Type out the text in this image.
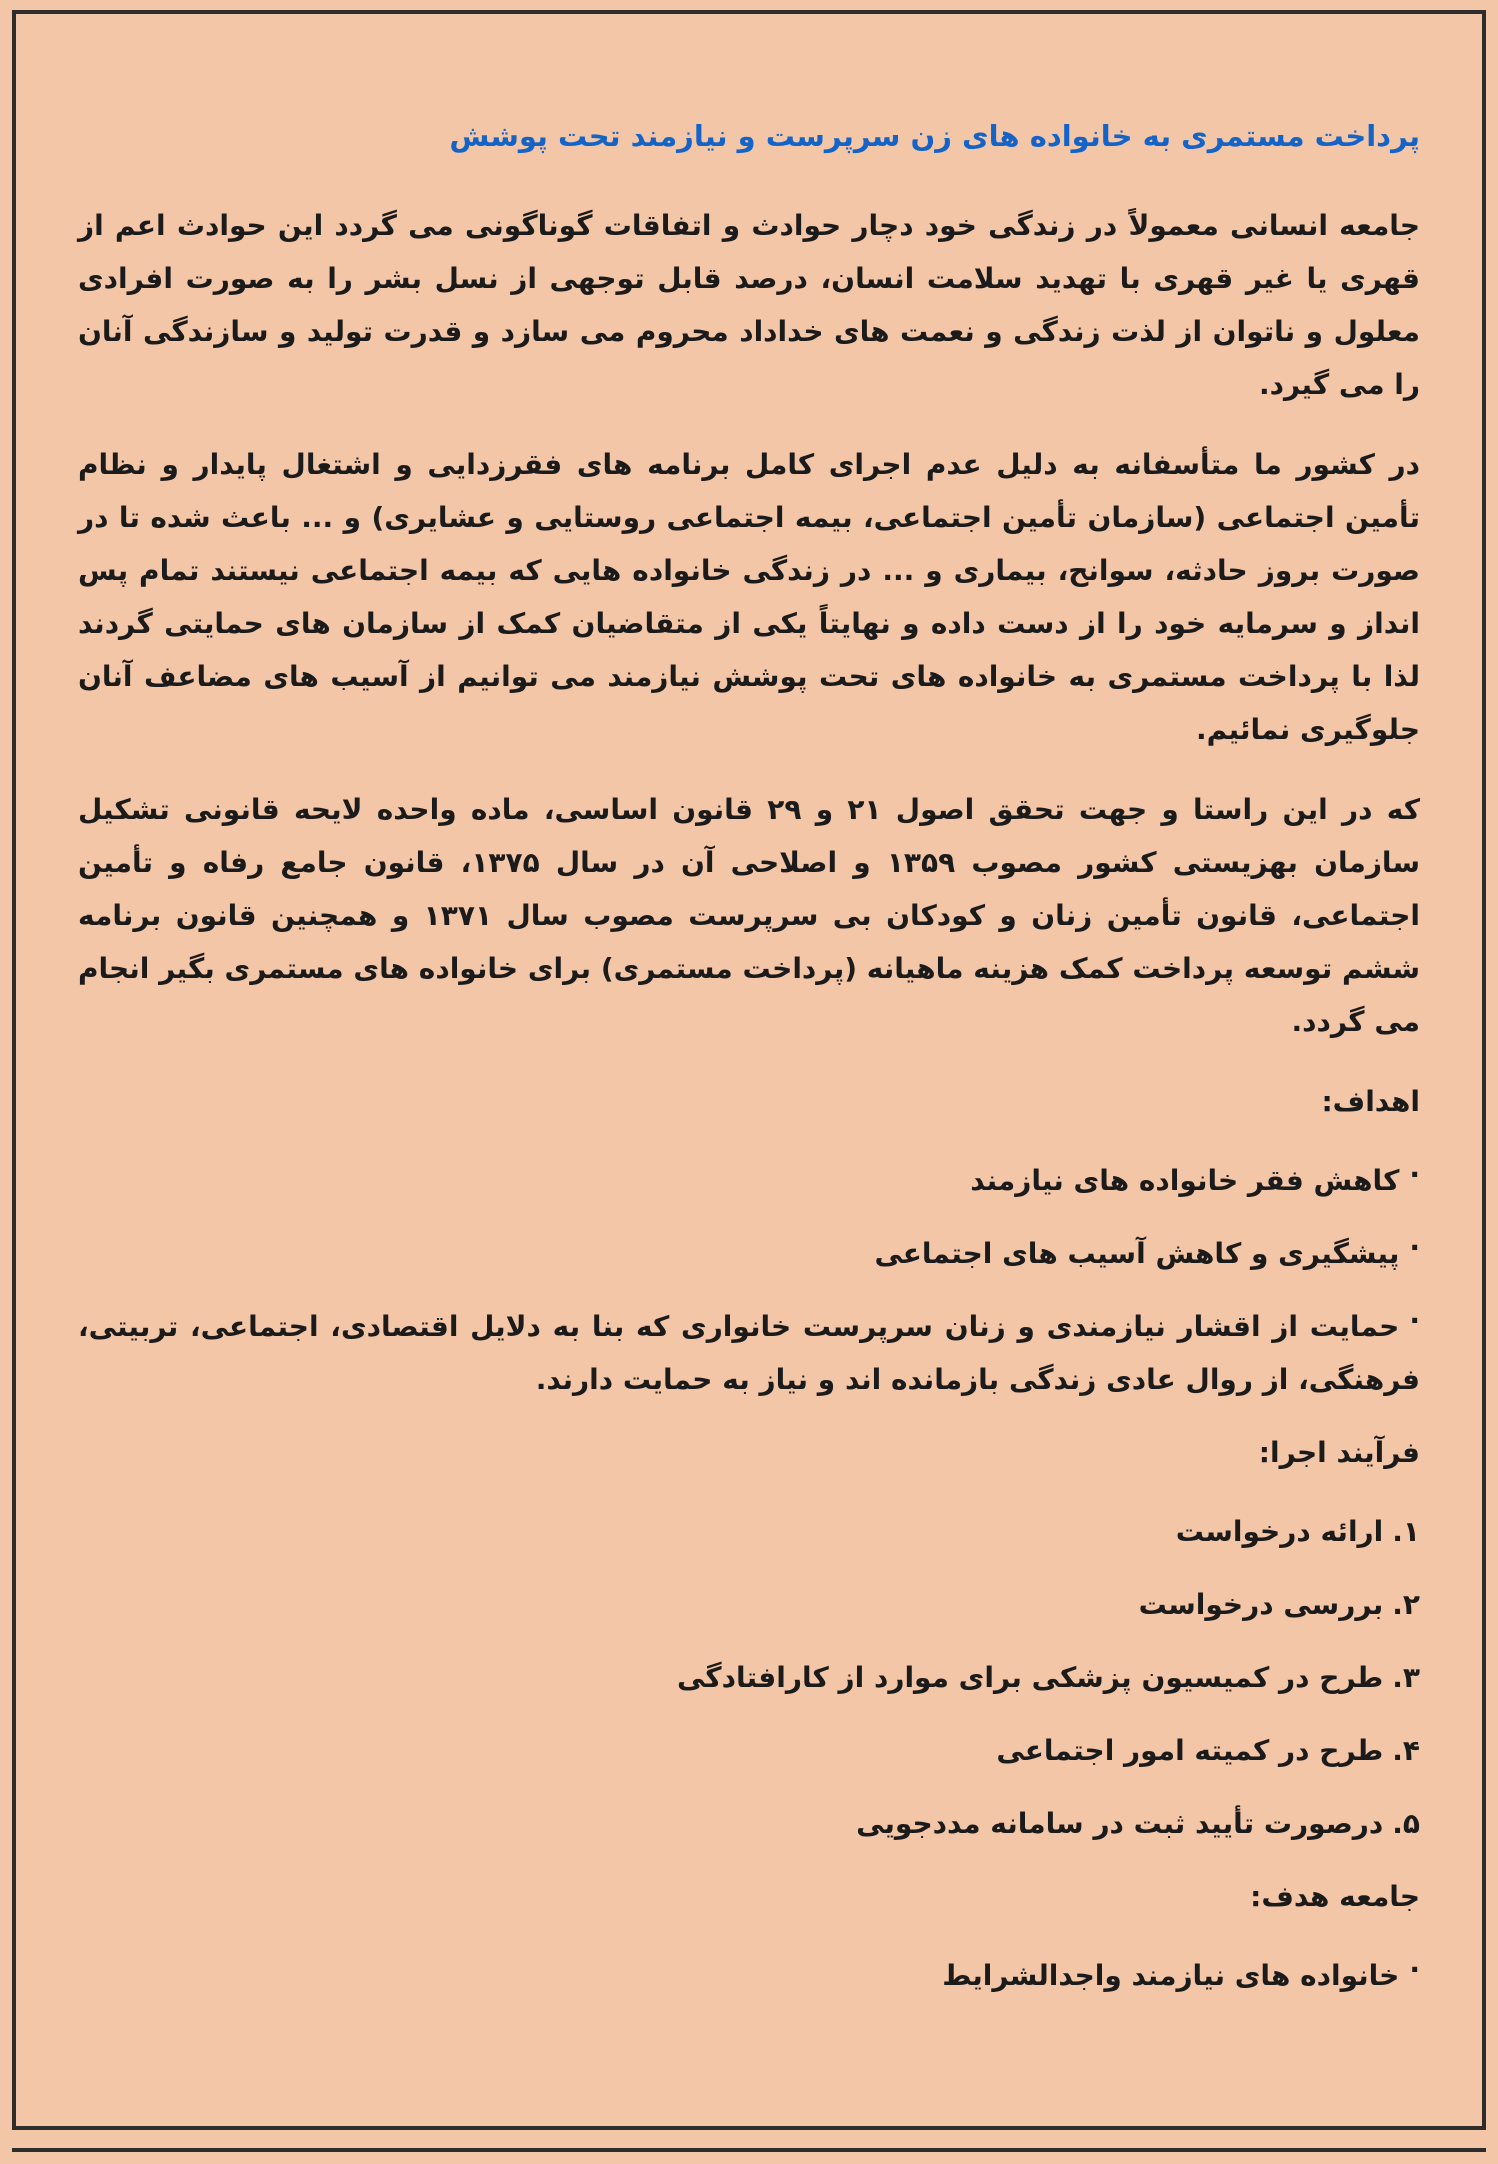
پرداخت مستمری به خانواده های زن سرپرست و نیازمند تحت پوشش

جامعه انسانی معمولاً در زندگی خود دچار حوادث و اتفاقات گوناگونی می گردد این حوادث اعم از قهری یا غیر قهری با تهدید سلامت انسان، درصد قابل توجهی از نسل بشر را به صورت افرادی معلول و ناتوان از لذت زندگی و نعمت های خداداد محروم می سازد و قدرت تولید و سازندگی آنان را می گیرد.

در کشور ما متأسفانه به دلیل عدم اجرای کامل برنامه های فقرزدایی و اشتغال پایدار و نظام تأمین اجتماعی (سازمان تأمین اجتماعی، بیمه اجتماعی روستایی و عشایری) و ... باعث شده تا در صورت بروز حادثه، سوانح، بیماری و ... در زندگی خانواده هایی که بیمه اجتماعی نیستند تمام پس انداز و سرمایه خود را از دست داده و نهایتاً یکی از متقاضیان کمک از سازمان های حمایتی گردند لذا با پرداخت مستمری به خانواده های تحت پوشش نیازمند می توانیم از آسیب های مضاعف آنان جلوگیری نمائیم.

که در این راستا و جهت تحقق اصول ۲۱ و ۲۹ قانون اساسی، ماده واحده لایحه قانونی تشکیل سازمان بهزیستی کشور مصوب ۱۳۵۹ و اصلاحی آن در سال ۱۳۷۵، قانون جامع رفاه و تأمین اجتماعی، قانون تأمین زنان و کودکان بی سرپرست مصوب سال ۱۳۷۱ و همچنین قانون برنامه ششم توسعه پرداخت کمک هزینه ماهیانه (پرداخت مستمری) برای خانواده های مستمری بگیر انجام می گردد.

اهداف:
·کاهش فقر خانواده های نیازمند
·پیشگیری و کاهش آسیب های اجتماعی
·حمایت از اقشار نیازمندی و زنان سرپرست خانواری که بنا به دلایل اقتصادی، اجتماعی، تربیتی، فرهنگی، از روال عادی زندگی بازمانده اند و نیاز به حمایت دارند.
فرآیند اجرا:
۱.ارائه درخواست
۲.بررسی درخواست
۳.طرح در کمیسیون پزشکی برای موارد از کارافتادگی
۴.طرح در کمیته امور اجتماعی
۵.درصورت تأیید ثبت در سامانه مددجویی
جامعه هدف:
·خانواده های نیازمند واجدالشرایط
